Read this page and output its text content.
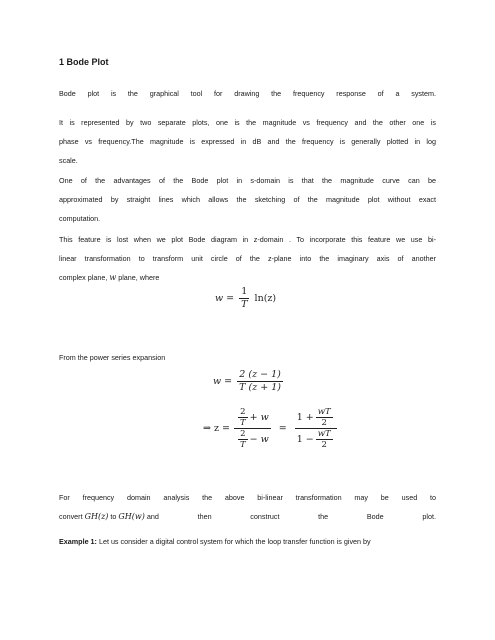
1 Bode Plot
Bode plot is the graphical tool for drawing the frequency response of a system.
It is represented by two separate plots, one is the magnitude vs frequency and the other one is
phase vs frequency.The magnitude is expressed in dB and the frequency is generally plotted in log
scale.
One of the advantages of the Bode plot in s-domain is that the magnitude curve can be
approximated by straight lines which allows the sketching of the magnitude plot without exact
computation.
This feature is lost when we plot Bode diagram in z-domain . To incorporate this feature we use bi-
linear transformation to transform unit circle of the z-plane into the imaginary axis of another
complex plane, w plane, where
$w = \frac{1}{T} \ln(z)$
From the power series expansion
$w = \frac{2 (z - 1)}{T (z + 1)}$
⇒ $z = \frac{\frac{2}{T} + w}{\frac{2}{T} - w} = \frac{1 + \frac{wT}{2}}{1 - \frac{wT}{2}}$
For frequency domain analysis the above bi-linear transformation may be used to
convert GH(z) to GH(w) and	then	construct	the	Bode	plot.
Example 1: Let us consider a digital control system for which the loop transfer function is given by
